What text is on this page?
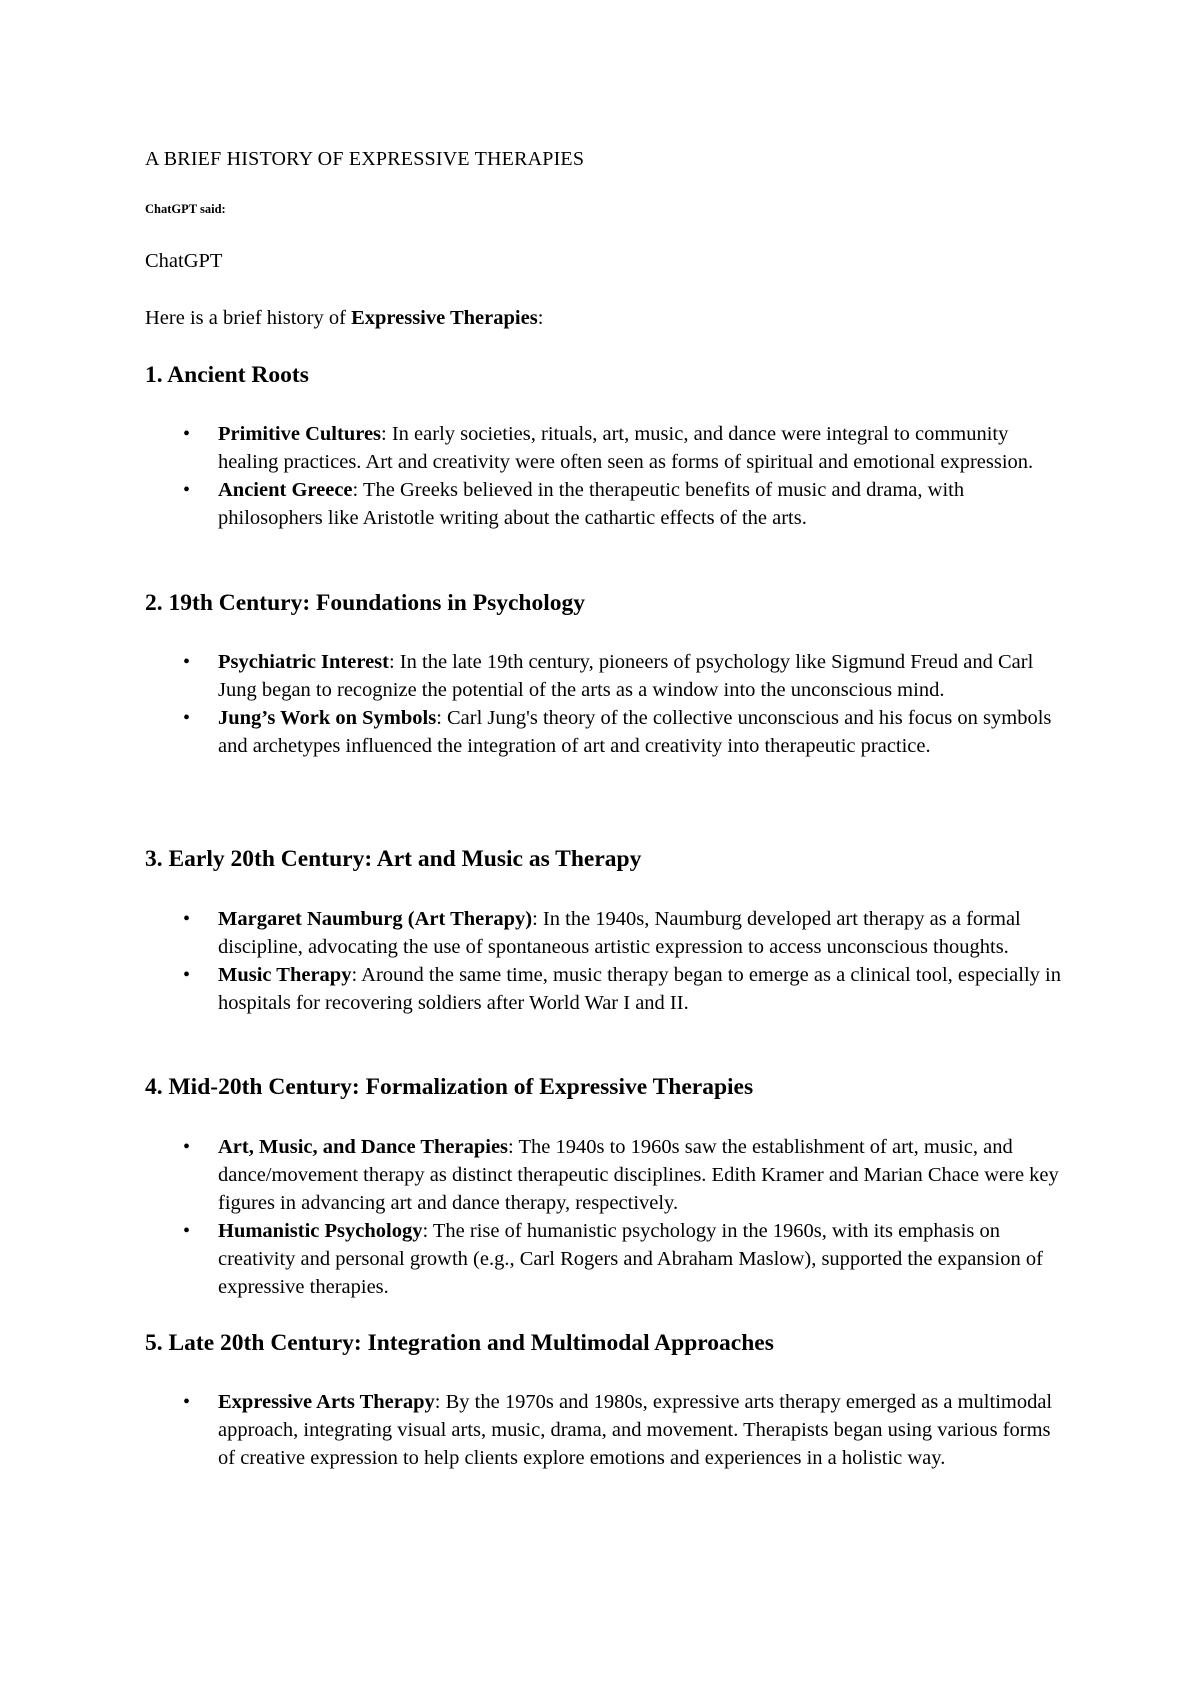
A BRIEF HISTORY OF EXPRESSIVE THERAPIES

ChatGPT said:

ChatGPT

Here is a brief history of Expressive Therapies:

1. Ancient Roots
• Primitive Cultures: In early societies, rituals, art, music, and dance were integral to community healing practices. Art and creativity were often seen as forms of spiritual and emotional expression.
• Ancient Greece: The Greeks believed in the therapeutic benefits of music and drama, with philosophers like Aristotle writing about the cathartic effects of the arts.
2. 19th Century: Foundations in Psychology
• Psychiatric Interest: In the late 19th century, pioneers of psychology like Sigmund Freud and Carl Jung began to recognize the potential of the arts as a window into the unconscious mind.
• Jung’s Work on Symbols: Carl Jung's theory of the collective unconscious and his focus on symbols and archetypes influenced the integration of art and creativity into therapeutic practice.
3. Early 20th Century: Art and Music as Therapy
• Margaret Naumburg (Art Therapy): In the 1940s, Naumburg developed art therapy as a formal discipline, advocating the use of spontaneous artistic expression to access unconscious thoughts.
• Music Therapy: Around the same time, music therapy began to emerge as a clinical tool, especially in hospitals for recovering soldiers after World War I and II.
4. Mid-20th Century: Formalization of Expressive Therapies
• Art, Music, and Dance Therapies: The 1940s to 1960s saw the establishment of art, music, and dance/movement therapy as distinct therapeutic disciplines. Edith Kramer and Marian Chace were key figures in advancing art and dance therapy, respectively.
• Humanistic Psychology: The rise of humanistic psychology in the 1960s, with its emphasis on creativity and personal growth (e.g., Carl Rogers and Abraham Maslow), supported the expansion of expressive therapies.
5. Late 20th Century: Integration and Multimodal Approaches
• Expressive Arts Therapy: By the 1970s and 1980s, expressive arts therapy emerged as a multimodal approach, integrating visual arts, music, drama, and movement. Therapists began using various forms of creative expression to help clients explore emotions and experiences in a holistic way.
